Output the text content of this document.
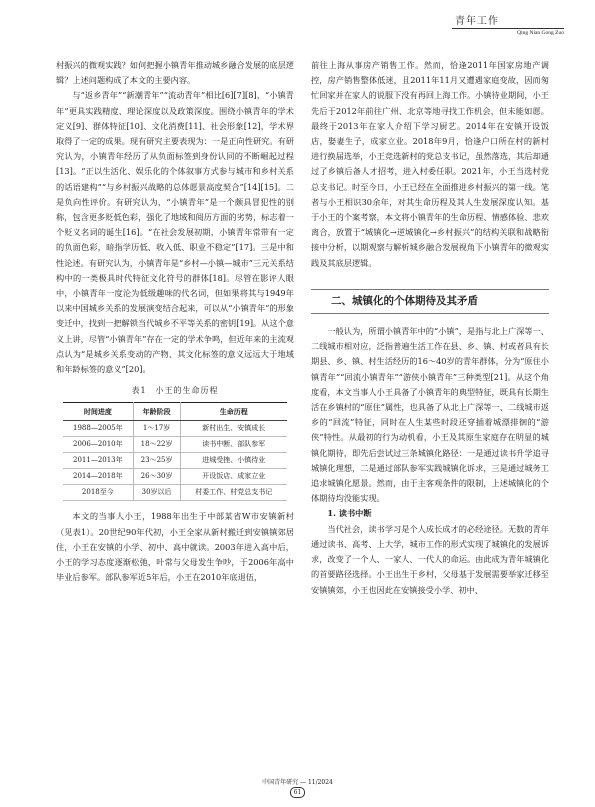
青年工作
Qing Nian Gong Zuo

村振兴的微观实践？如何把握小镇青年推动城乡融合发展的底层逻辑？上述问题构成了本文的主要内容。

与“返乡青年”“新潮青年”“流动青年”相比[6][7][8]，“小镇青年”更具实践精度、理论深度以及政策深度。围绕小镇青年的学术定义[9]、群体特征[10]、文化消费[11]、社会形象[12]，学术界取得了一定的成果。现有研究主要表现为：一是正向性研究。有研究认为，小镇青年经历了从负面标签到身份认同的不断崛起过程[13]。“正以生活化、娱乐化的个体叙事方式参与城市和乡村关系的话语建构”“与乡村振兴战略的总体愿景高度契合”[14][15]。二是负向性评价。有研究认为，“小镇青年”是一个颇具冒犯性的别称，包含更多贬低色彩，强化了地域和阅历方面的劣势，标志着一个贬义名词的诞生[16]。“在社会发展初期，小镇青年常带有一定的负面色彩，暗指学历低、收入低、职业不稳定”[17]。三是中和性论述。有研究认为，小镇青年是“乡村—小镇—城市”三元关系结构中的一类极具时代特征文化符号的群体[18]。尽管在影评人眼中，小镇青年一度沦为低级趣味的代名词，但如果将其与1949年以来中国城乡关系的发展演变结合起来，可以从“小镇青年”的形象变迁中，找到一把解锁当代城乡不平等关系的密钥[19]。从这个意义上讲，尽管“小镇青年”存在一定的学术争鸣，但近年来的主流观点认为“是城乡关系变动的产物、其文化标签的意义远远大于地域和年龄标签的意义”[20]。

表1　小王的生命历程
时间进度	年龄阶段	生命历程
1988—2005年	1～17岁	新村出生、安镇成长
2006—2010年	18～22岁	读书中断、部队参军
2011—2013年	23～25岁	进城受挫、小镇待业
2014—2018年	26～30岁	开设饭店、成家立业
2018至今	30岁以后	村委工作、村党总支书记

本文的当事人小王，1988年出生于中部某省W市安镇新村（见表1）。20世纪90年代初，小王全家从新村搬迁到安镇镇郊居住，小王在安镇的小学、初中、高中就读。2003年进入高中后，小王的学习态度逐渐松弛，叶常与父母发生争吵，于2006年高中毕业后参军。部队参军近5年后，小王在2010年底退伍，

前往上海从事房产销售工作。然而，恰逢2011年国家房地产调控，房产销售整体低迷，且2011年11月又遭遇家庭变故，因而匆忙回家并在家人的说服下没有再回上海工作。小镇待业期间，小王先后于2012年前往广州、北京等地寻找工作机会，但未能如愿。最终于2013年在家人介绍下学习厨艺。2014年在安镇开设饭店，娶妻生子，成家立业。2018年9月，恰逢户口所在村的新村进行换届选举，小王竞选新村的党总支书记，虽然落选，其后却通过了乡镇后备人才招考，进入村委任职。2021年，小王当选村党总支书记。时至今日，小王已经在全面推进乡村振兴的第一线。笔者与小王相识30余年，对其生命历程及其人生发展深度认知。基于小王的个案考察，本文将小镇青年的生命历程、情感体验、悲欢离合，放置于“城镇化→逆城镇化→乡村振兴”的结构关联和战略衔接中分析，以期观察与解析城乡融合发展视角下小镇青年的微观实践及其底层逻辑。

二、城镇化的个体期待及其矛盾

一般认为，所谓小镇青年中的“小镇”，是指与北上广深等一、二线城市相对应，泛指普遍生活工作在县、乡、镇、村或者具有长期县、乡、镇、村生活经历的16～40岁的青年群体，分为“原住小镇青年”“回流小镇青年”“游侠小镇青年”三种类型[21]。从这个角度看，本文当事人小王具备了小镇青年的典型特征，既具有长期生活在乡镇村的“原住”属性，也具备了从北上广深等一、二线城市返乡的“回流”特征，同时在人生某些时段还穿插着城漂排徊的“游侠”特性。从最初的行为动机看，小王及其原生家庭存在明显的城镇化期待，即先后尝试过三条城镇化路径：一是通过读书升学追寻城镇化理想，二是通过部队参军实践城镇化诉求，三是通过城务工追求城镇化愿景。然而，由于主客观条件的限制，上述城镇化的个体期待均没能实现。

1. 读书中断

当代社会，读书学习是个人成长成才的必经途径。无数的青年通过读书、高考、上大学，城市工作的形式实现了城镇化的发展诉求，改变了一个人、一家人、一代人的命运。由此成为青年城镇化的首要路径选择。小王出生于乡村，父母基于发展需要举家迁移至安镇镇郊，小王也因此在安镇接受小学、初中、

中国青年研究 — 11/2024
61
